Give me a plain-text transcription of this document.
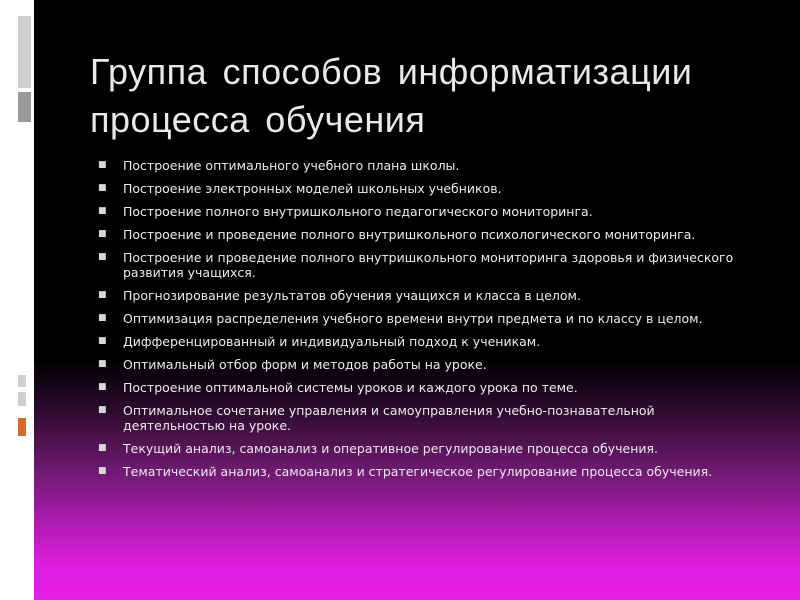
Группа способов информатизации процесса обучения
■ Построение оптимального учебного плана школы.
■ Построение электронных моделей школьных учебников.
■ Построение полного внутришкольного педагогического мониторинга.
■ Построение и проведение полного внутришкольного психологического мониторинга.
■ Построение и проведение полного внутришкольного мониторинга здоровья и физического развития учащихся.
■ Прогнозирование результатов обучения учащихся и класса в целом.
■ Оптимизация распределения учебного времени внутри предмета и по классу в целом.
■ Дифференцированный и индивидуальный подход к ученикам.
■ Оптимальный отбор форм и методов работы на уроке.
■ Построение оптимальной системы уроков и каждого урока по теме.
■ Оптимальное сочетание управления и самоуправления учебно-познавательной деятельностью на уроке.
■ Текущий анализ, самоанализ и оперативное регулирование процесса обучения.
■ Тематический анализ, самоанализ и стратегическое регулирование процесса обучения.
